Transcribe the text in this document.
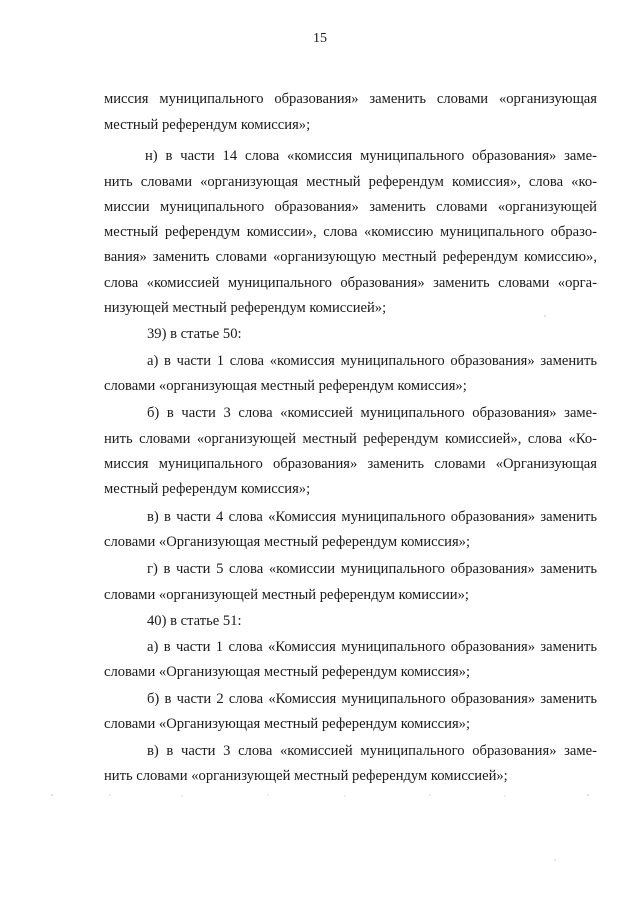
15
миссия муниципального образования» заменить словами «организующая
местный референдум комиссия»;
н) в части 14 слова «комиссия муниципального образования» заме-
нить словами «организующая местный референдум комиссия», слова «ко-
миссии муниципального образования» заменить словами «организующей
местный референдум комиссии», слова «комиссию муниципального образо-
вания» заменить словами «организующую местный референдум комиссию»,
слова «комиссией муниципального образования» заменить словами «орга-
низующей местный референдум комиссией»;
39) в статье 50:
а) в части 1 слова «комиссия муниципального образования» заменить
словами «организующая местный референдум комиссия»;
б) в части 3 слова «комиссией муниципального образования» заме-
нить словами «организующей местный референдум комиссией», слова «Ко-
миссия муниципального образования» заменить словами «Организующая
местный референдум комиссия»;
в) в части 4 слова «Комиссия муниципального образования» заменить
словами «Организующая местный референдум комиссия»;
г) в части 5 слова «комиссии муниципального образования» заменить
словами «организующей местный референдум комиссии»;
40) в статье 51:
а) в части 1 слова «Комиссия муниципального образования» заменить
словами «Организующая местный референдум комиссия»;
б) в части 2 слова «Комиссия муниципального образования» заменить
словами «Организующая местный референдум комиссия»;
в) в части 3 слова «комиссией муниципального образования» заме-
нить словами «организующей местный референдум комиссией»;
